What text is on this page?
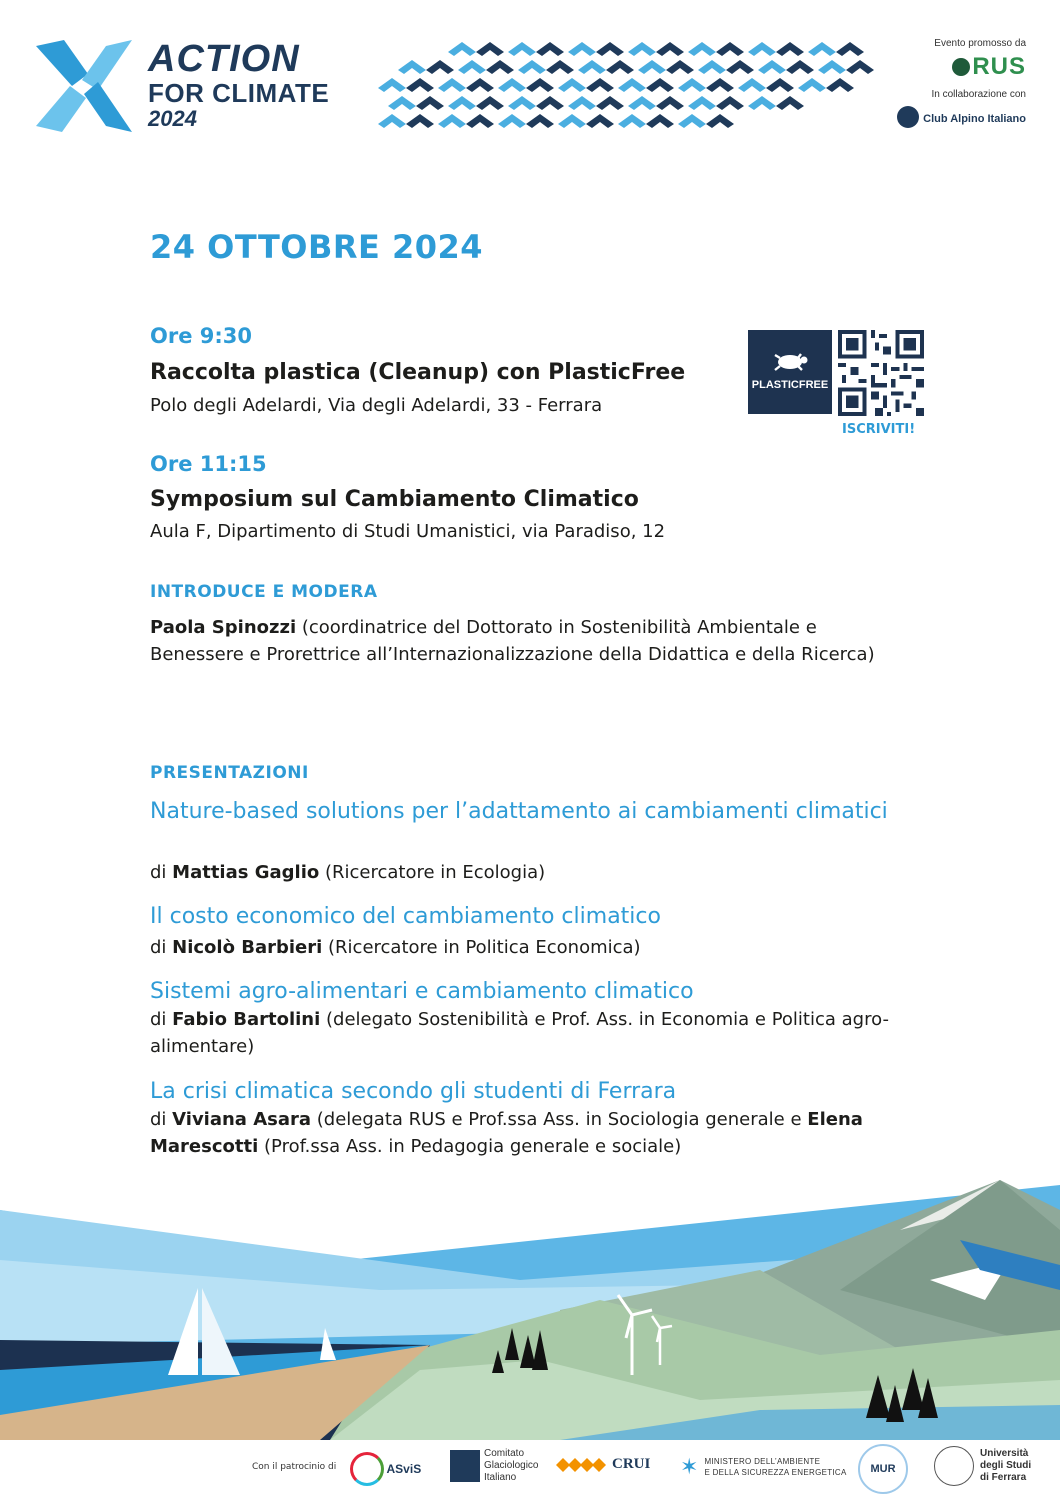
ACTION
FOR CLIMATE
2024
Evento promosso da
RUS
In collaborazione con
Club Alpino Italiano
24 OTTOBRE 2024
Ore 9:30
Raccolta plastica (Cleanup) con PlasticFree
Polo degli Adelardi, Via degli Adelardi, 33 - Ferrara
PLASTICFREE
ISCRIVITI!
Ore 11:15
Symposium sul Cambiamento Climatico
Aula F, Dipartimento di Studi Umanistici, via Paradiso, 12
INTRODUCE E MODERA
Paola Spinozzi (coordinatrice del Dottorato in Sostenibilità Ambientale e Benessere e Prorettrice all’Internazionalizzazione della Didattica e della Ricerca)
PRESENTAZIONI
Nature-based solutions per l’adattamento ai cambiamenti climatici
di Mattias Gaglio (Ricercatore in Ecologia)
Il costo economico del cambiamento climatico
di Nicolò Barbieri (Ricercatore in Politica Economica)
Sistemi agro-alimentari e cambiamento climatico
di Fabio Bartolini (delegato Sostenibilità e Prof. Ass. in Economia e Politica agro-alimentare)
La crisi climatica secondo gli studenti di Ferrara
di Viviana Asara (delegata RUS e Prof.ssa Ass. in Sociologia generale e Elena Marescotti (Prof.ssa Ass. in Pedagogia generale e sociale)
Con il patrocinio di	ASviS
Comitato
Glaciologico
Italiano
CRUI ✶ MINISTERO DELL’AMBIENTE
E DELLA SICUREZZA ENERGETICA	MUR
Università
degli Studi
di Ferrara
